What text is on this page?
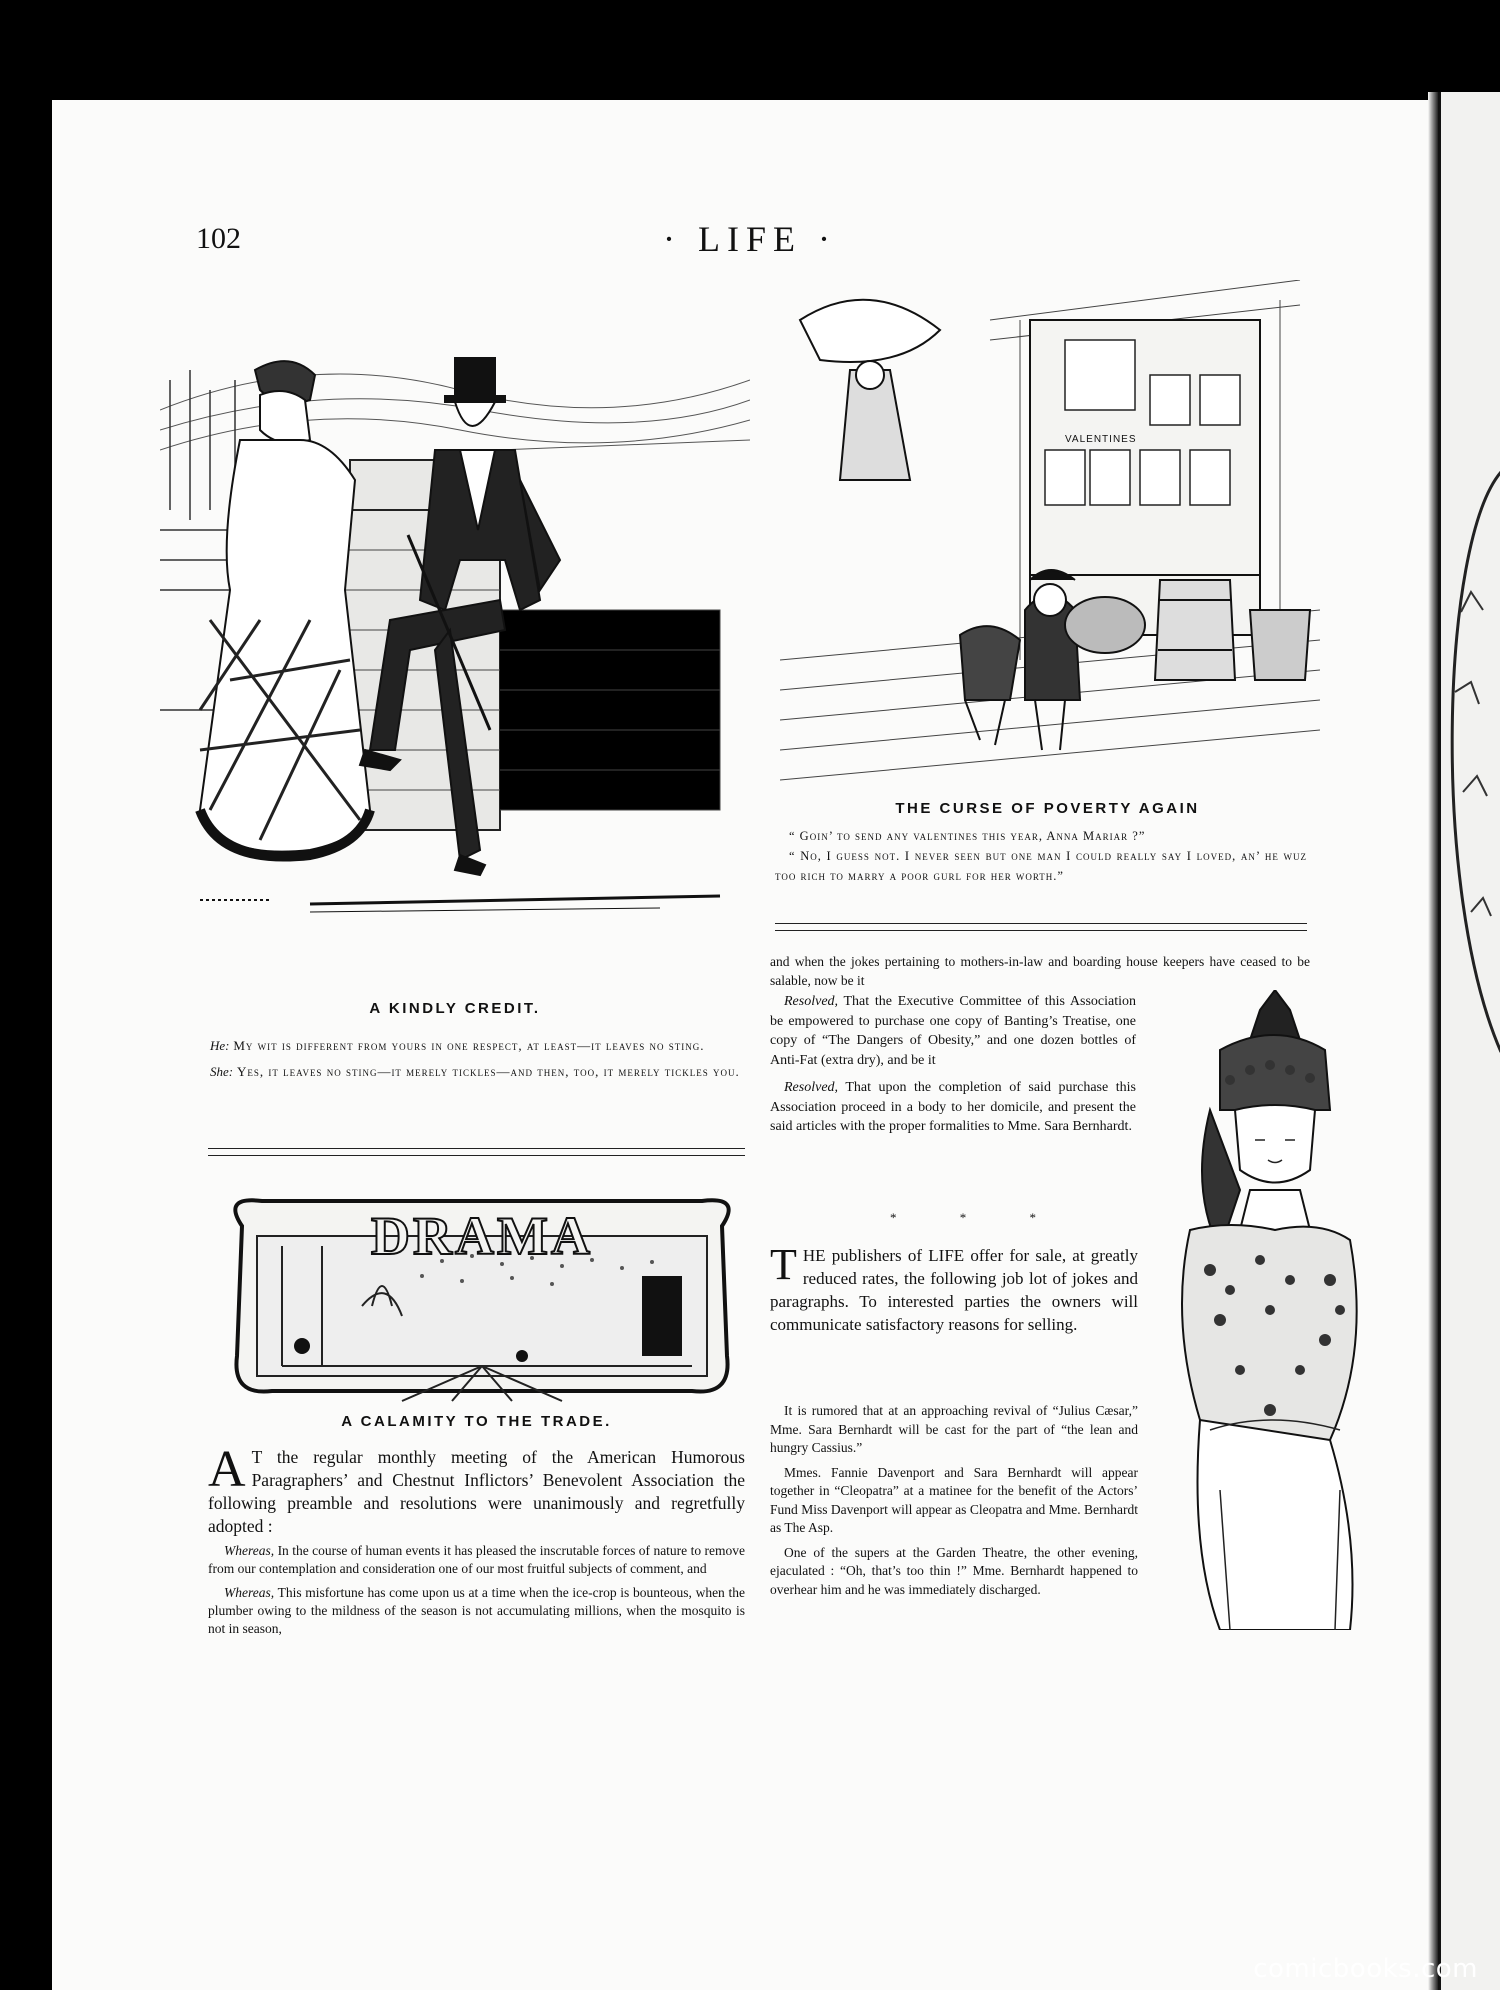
102	· LIFE ·
A KINDLY CREDIT.

He: My wit is different from yours in one respect, at least—it leaves no sting.

She: Yes, it leaves no sting—it merely tickles—and then, too, it merely tickles you.

VALENTINES
THE CURSE OF POVERTY AGAIN

“ Goin’ to send any valentines this year, Anna Mariar ?”

“ No, I guess not. I never seen but one man I could really say I loved, an’ he wuz too rich to marry a poor gurl for her worth.”

DRAMA
A CALAMITY TO THE TRADE.
A T the regular monthly meeting of the American Humorous Paragraphers’ and Chestnut Inflictors’ Benevolent Association the following preamble and resolutions were unanimously and regretfully adopted :

Whereas, In the course of human events it has pleased the inscrutable forces of nature to remove from our contemplation and consideration one of our most fruitful subjects of comment, and

Whereas, This misfortune has come upon us at a time when the ice-crop is bounteous, when the plumber owing to the mildness of the season is not accumulating millions, when the mosquito is not in season,

and when the jokes pertaining to mothers-in-law and boarding house keepers have ceased to be salable, now be it

Resolved, That the Executive Committee of this Association be empowered to purchase one copy of Banting’s Treatise, one copy of “The Dangers of Obesity,” and one dozen bottles of Anti-Fat (extra dry), and be it

Resolved, That upon the completion of said purchase this Association proceed in a body to her domicile, and present the said articles with the proper formalities to Mme. Sara Bernhardt.

* * *
T HE publishers of LIFE offer for sale, at greatly reduced rates, the following job lot of jokes and paragraphs. To interested parties the owners will communicate satisfactory reasons for selling.

It is rumored that at an approaching revival of “Julius Cæsar,” Mme. Sara Bernhardt will be cast for the part of “the lean and hungry Cassius.”

Mmes. Fannie Davenport and Sara Bernhardt will appear together in “Cleopatra” at a matinee for the benefit of the Actors’ Fund Miss Davenport will appear as Cleopatra and Mme. Bernhardt as The Asp.

One of the supers at the Garden Theatre, the other evening, ejaculated : “Oh, that’s too thin !” Mme. Bernhardt happened to overhear him and he was immediately discharged.

comicbooks.com
